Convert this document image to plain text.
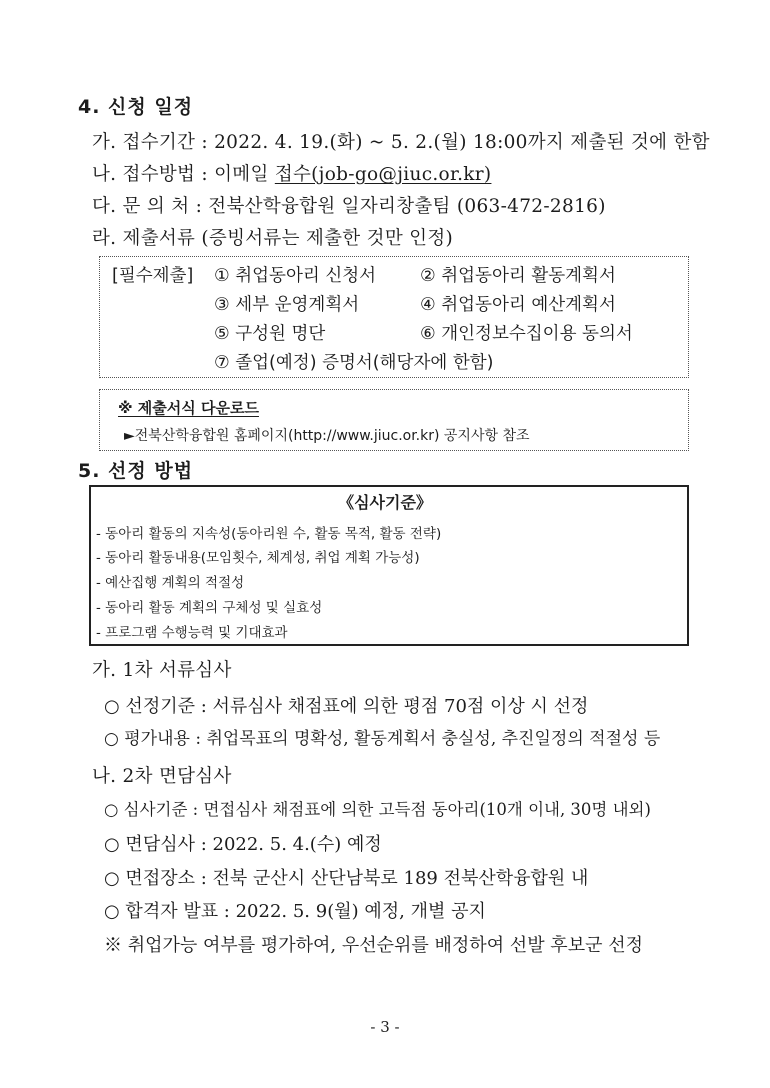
4. 신청 일정
가. 접수기간 : 2022. 4. 19.(화) ~ 5. 2.(월) 18:00까지 제출된 것에 한함
나. 접수방법 : 이메일 접수(job-go@jiuc.or.kr)
다. 문 의 처 : 전북산학융합원 일자리창출팀 (063-472-2816)
라. 제출서류 (증빙서류는 제출한 것만 인정)
[필수제출] ① 취업동아리 신청서	② 취업동아리 활동계획서
③ 세부 운영계획서	④ 취업동아리 예산계획서
⑤ 구성원 명단	⑥ 개인정보수집이용 동의서
⑦ 졸업(예정) 증명서(해당자에 한함)
※ 제출서식 다운로드
►전북산학융합원 홈페이지(http://www.jiuc.or.kr) 공지사항 참조
5. 선정 방법
《심사기준》
- 동아리 활동의 지속성(동아리원 수, 활동 목적, 활동 전략)
- 동아리 활동내용(모임횟수, 체계성, 취업 계획 가능성)
- 예산집행 계획의 적절성
- 동아리 활동 계획의 구체성 및 실효성
- 프로그램 수행능력 및 기대효과
가. 1차 서류심사
○ 선정기준 : 서류심사 채점표에 의한 평점 70점 이상 시 선정
○ 평가내용 : 취업목표의 명확성, 활동계획서 충실성, 추진일정의 적절성 등
나. 2차 면담심사
○ 심사기준 : 면접심사 채점표에 의한 고득점 동아리(10개 이내, 30명 내외)
○ 면담심사 : 2022. 5. 4.(수) 예정
○ 면접장소 : 전북 군산시 산단남북로 189 전북산학융합원 내
○ 합격자 발표 : 2022. 5. 9(월) 예정, 개별 공지
※ 취업가능 여부를 평가하여, 우선순위를 배정하여 선발 후보군 선정
- 3 -
